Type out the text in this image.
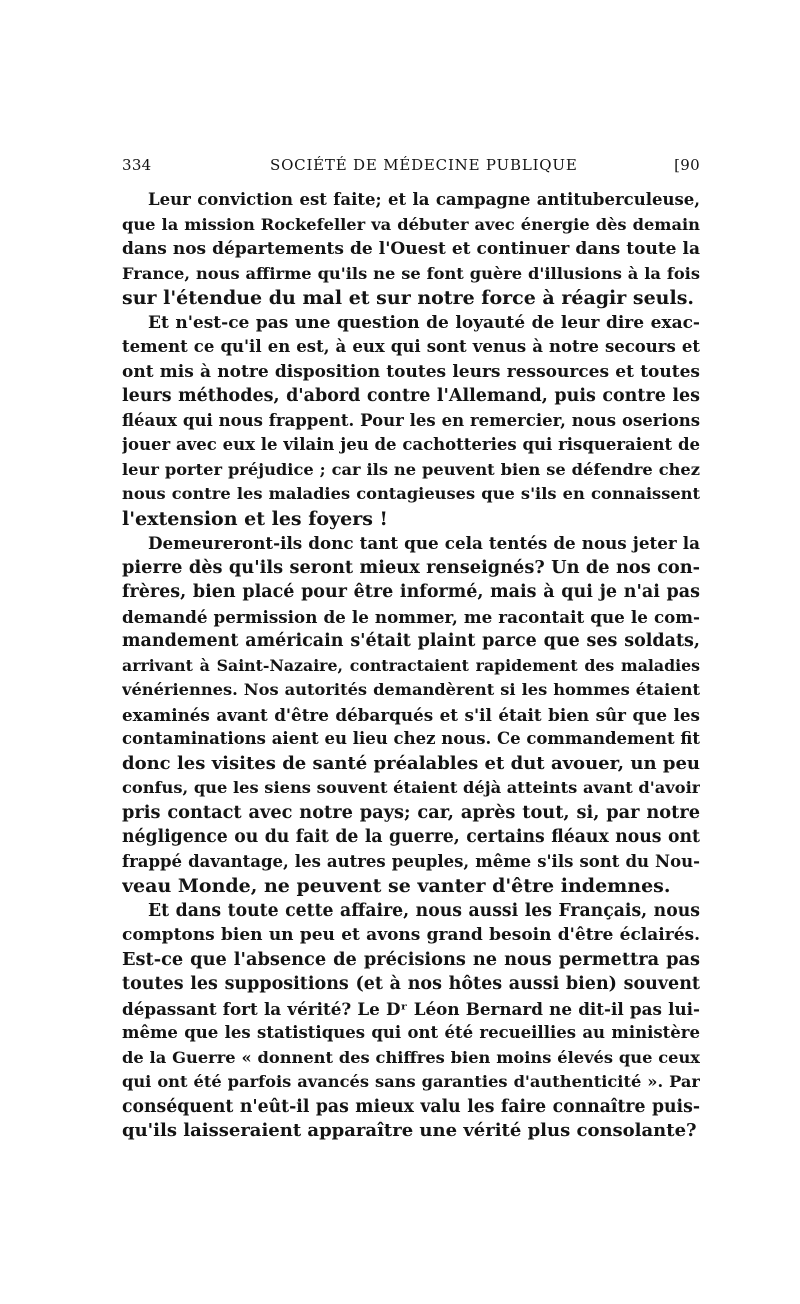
334	SOCIÉTÉ DE MÉDECINE PUBLIQUE	[90
Leur conviction est faite; et la campagne antituberculeuse,
que la mission Rockefeller va débuter avec énergie dès demain
dans nos départements de l'Ouest et continuer dans toute la
France, nous affirme qu'ils ne se font guère d'illusions à la fois
sur l'étendue du mal et sur notre force à réagir seuls.
Et n'est-ce pas une question de loyauté de leur dire exac-
tement ce qu'il en est, à eux qui sont venus à notre secours et
ont mis à notre disposition toutes leurs ressources et toutes
leurs méthodes, d'abord contre l'Allemand, puis contre les
fléaux qui nous frappent. Pour les en remercier, nous oserions
jouer avec eux le vilain jeu de cachotteries qui risqueraient de
leur porter préjudice ; car ils ne peuvent bien se défendre chez
nous contre les maladies contagieuses que s'ils en connaissent
l'extension et les foyers !
Demeureront-ils donc tant que cela tentés de nous jeter la
pierre dès qu'ils seront mieux renseignés? Un de nos con-
frères, bien placé pour être informé, mais à qui je n'ai pas
demandé permission de le nommer, me racontait que le com-
mandement américain s'était plaint parce que ses soldats,
arrivant à Saint-Nazaire, contractaient rapidement des maladies
vénériennes. Nos autorités demandèrent si les hommes étaient
examinés avant d'être débarqués et s'il était bien sûr que les
contaminations aient eu lieu chez nous. Ce commandement fit
donc les visites de santé préalables et dut avouer, un peu
confus, que les siens souvent étaient déjà atteints avant d'avoir
pris contact avec notre pays; car, après tout, si, par notre
négligence ou du fait de la guerre, certains fléaux nous ont
frappé davantage, les autres peuples, même s'ils sont du Nou-
veau Monde, ne peuvent se vanter d'être indemnes.
Et dans toute cette affaire, nous aussi les Français, nous
comptons bien un peu et avons grand besoin d'être éclairés.
Est-ce que l'absence de précisions ne nous permettra pas
toutes les suppositions (et à nos hôtes aussi bien) souvent
dépassant fort la vérité? Le Dʳ Léon Bernard ne dit-il pas lui-
même que les statistiques qui ont été recueillies au ministère
de la Guerre « donnent des chiffres bien moins élevés que ceux
qui ont été parfois avancés sans garanties d'authenticité ». Par
conséquent n'eût-il pas mieux valu les faire connaître puis-
qu'ils laisseraient apparaître une vérité plus consolante?
